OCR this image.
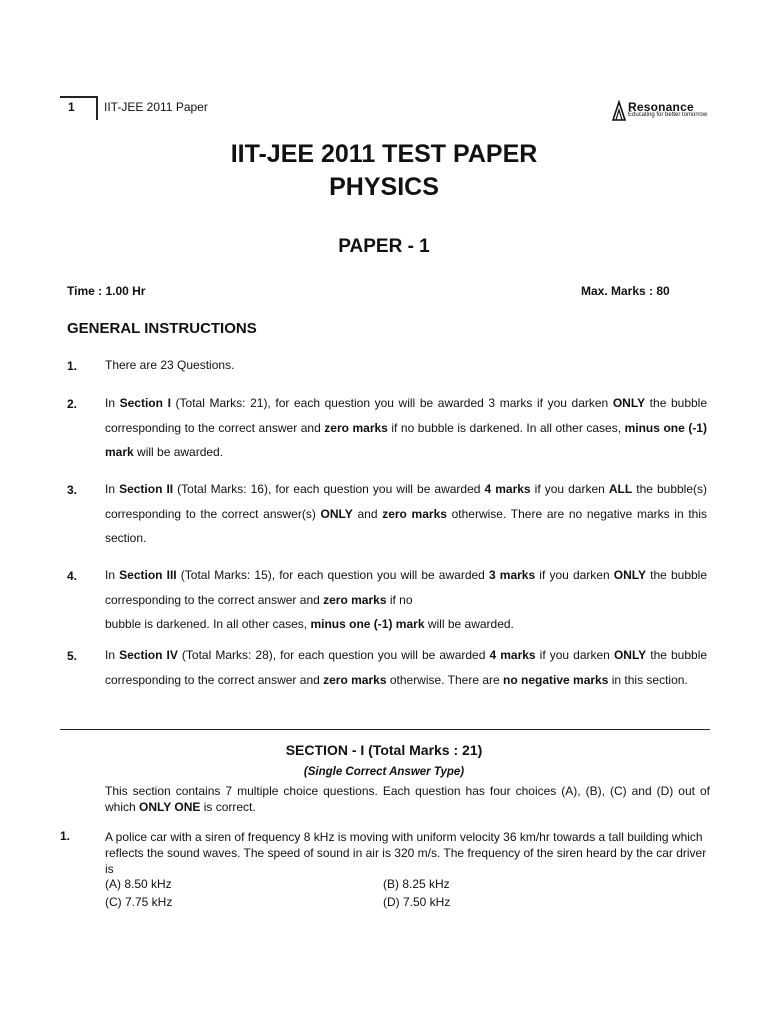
1 IIT-JEE 2011 Paper	Resonance
Educating for better tomorrow
IIT-JEE 2011 TEST PAPER
PHYSICS
PAPER - 1
Time : 1.00 Hr	Max. Marks : 80
GENERAL INSTRUCTIONS
1. There are 23 Questions.
2. In Section I (Total Marks: 21), for each question you will be awarded 3 marks if you darken ONLY the bubble corresponding to the correct answer and zero marks if no bubble is darkened. In all other cases, minus one (-1) mark will be awarded.
3. In Section II (Total Marks: 16), for each question you will be awarded 4 marks if you darken ALL the bubble(s) corresponding to the correct answer(s) ONLY and zero marks otherwise. There are no negative marks in this section.
4. In Section III (Total Marks: 15), for each question you will be awarded 3 marks if you darken ONLY the bubble corresponding to the correct answer and zero marks if no
bubble is darkened. In all other cases, minus one (-1) mark will be awarded.
5. In Section IV (Total Marks: 28), for each question you will be awarded 4 marks if you darken ONLY the bubble corresponding to the correct answer and zero marks otherwise. There are no negative marks in this section.
SECTION - I (Total Marks : 21)
(Single Correct Answer Type)
This section contains 7 multiple choice questions. Each question has four choices (A), (B), (C) and (D) out of which ONLY ONE is correct.
1.	A police car with a siren of frequency 8 kHz is moving with uniform velocity 36 km/hr towards a tall building which reflects the sound waves. The speed of sound in air is 320 m/s. The frequency of the siren heard by the car driver is
(A) 8.50 kHz	(B) 8.25 kHz
(C) 7.75 kHz	(D) 7.50 kHz
